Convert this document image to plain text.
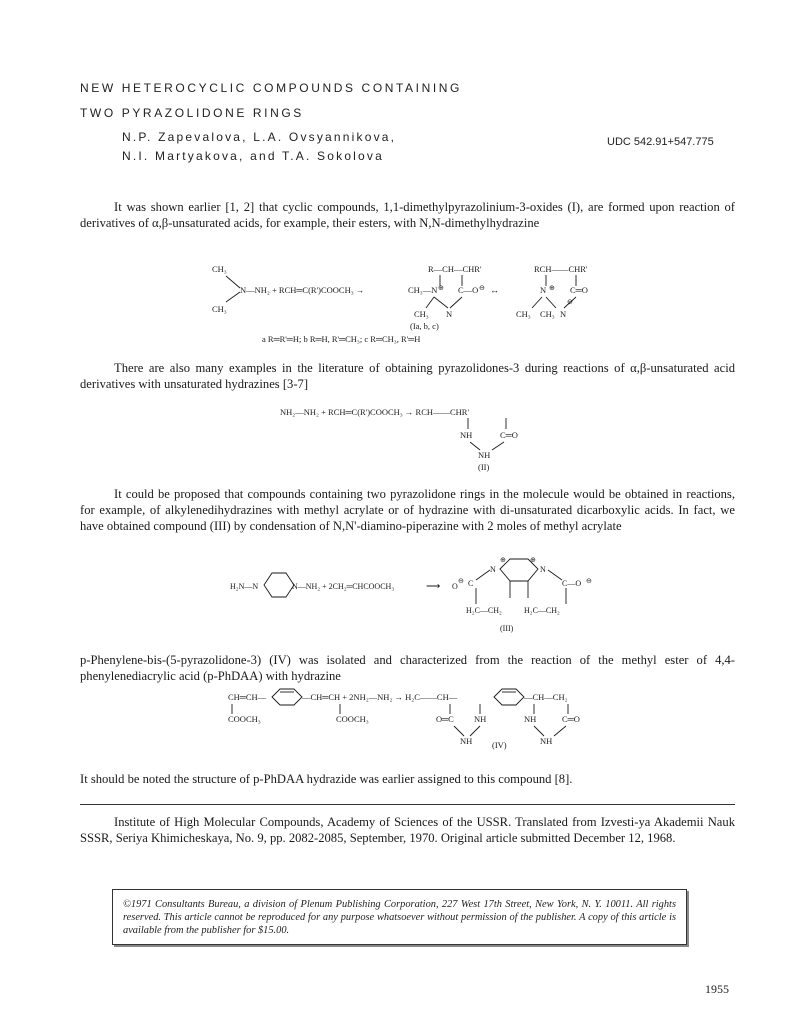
NEW HETEROCYCLIC COMPOUNDS CONTAINING
TWO PYRAZOLIDONE RINGS
N.P. Zapevalova, L.A. Ovsyannikova,
N.I. Martyakova, and T.A. Sokolova
UDC 542.91+547.775
It was shown earlier [1, 2] that cyclic compounds, 1,1-dimethylpyrazolinium-3-oxides (I), are formed upon reaction of derivatives of α,β-unsaturated acids, for example, their esters, with N,N-dimethylhydrazine
CH₃
CH₃
N—NH₂ + RCH═C(R')COOCH₃ →
R—CH—CHR'
CH₃—N ⊕ C—O ⊖ ↔
CH₃ N
(Ia, b, c)
RCH——CHR'
N ⊕ C═O
⊖
CH₃ CH₃ N
a R═R'═H; b R═H, R'═CH₃; c R═CH₃, R'═H
There are also many examples in the literature of obtaining pyrazolidones-3 during reactions of α,β-unsaturated acid derivatives with unsaturated hydrazines [3-7]
NH₂—NH₂ + RCH═C(R')COOCH₃ → RCH——CHR'
NH	C═O
NH
(II)
It could be proposed that compounds containing two pyrazolidone rings in the molecule would be obtained in reactions, for example, of alkylenedihydrazines with methyl acrylate or of hydrazine with di-unsaturated dicarboxylic acids. In fact, we have obtained compound (III) by condensation of N,N'-diamino-piperazine with 2 moles of methyl acrylate
H₂N—N	N—NH₂ + 2CH₂═CHCOOCH₃	⟶ O
⊖ C
N
⊕	⊕
N
C—O ⊖
H₂C—CH₂	H₂C—CH₂
(III)
p-Phenylene-bis-(5-pyrazolidone-3) (IV) was isolated and characterized from the reaction of the methyl ester of 4,4-phenylenediacrylic acid (p-PhDAA) with hydrazine
CH═CH—	—CH═CH + 2NH₂—NH₂ → H₂C——CH—	—CH—CH₂
COOCH₃	COOCH₃	O═C NH	NH	C═O
NH (IV)	NH
It should be noted the structure of p-PhDAA hydrazide was earlier assigned to this compound [8].
Institute of High Molecular Compounds, Academy of Sciences of the USSR. Translated from Izvesti-ya Akademii Nauk SSSR, Seriya Khimicheskaya, No. 9, pp. 2082-2085, September, 1970. Original article submitted December 12, 1968.
©1971 Consultants Bureau, a division of Plenum Publishing Corporation, 227 West 17th Street, New York, N. Y. 10011. All rights reserved. This article cannot be reproduced for any purpose whatsoever without permission of the publisher. A copy of this article is available from the publisher for $15.00.
1955
